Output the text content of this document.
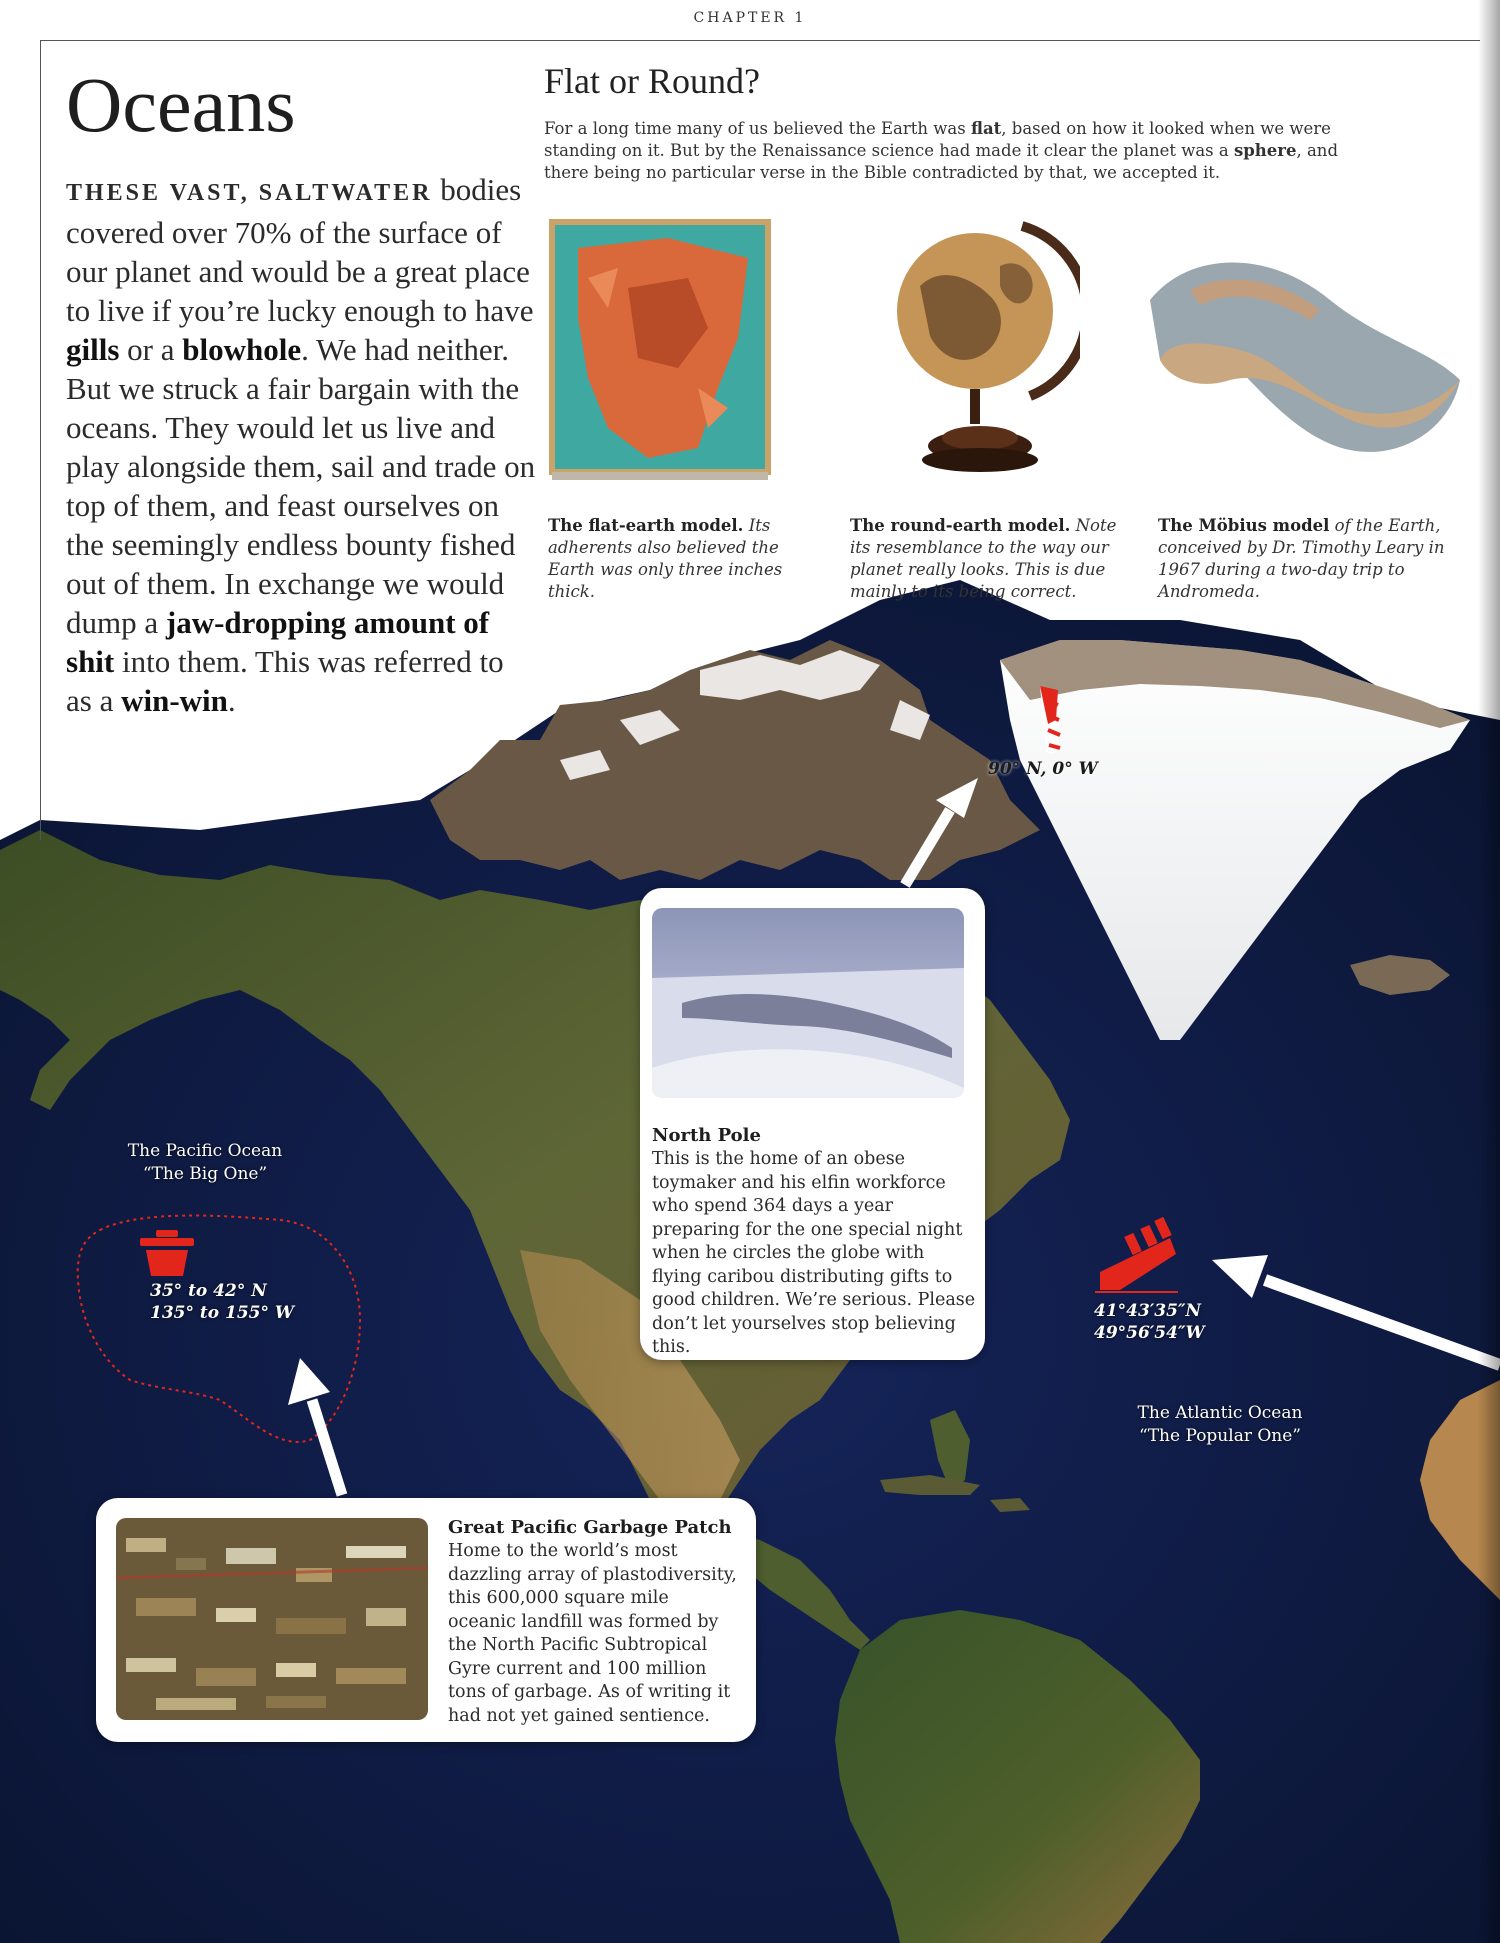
CHAPTER 1
Oceans
THESE VAST, SALTWATER bodies covered over 70% of the surface of our planet and would be a great place to live if you’re lucky enough to have gills or a blowhole. We had neither. But we struck a fair bargain with the oceans. They would let us live and play alongside them, sail and trade on top of them, and feast ourselves on the seemingly endless bounty fished out of them. In exchange we would dump a jaw-dropping amount of shit into them. This was referred to as a win-win.
Flat or Round?
For a long time many of us believed the Earth was flat, based on how it looked when we were standing on it. But by the Renaissance science had made it clear the planet was a sphere, and there being no particular verse in the Bible contradicted by that, we accepted it.
The flat-earth model. Its adherents also believed the Earth was only three inches thick.
The round-earth model. Note its resemblance to the way our planet really looks. This is due mainly to its being correct.
The Möbius model of the Earth, conceived by Dr. Timothy Leary in 1967 during a two-day trip to Andromeda.
90° N, 0° W
The Pacific Ocean
“The Big One”
35° to 42° N
135° to 155° W	41°43′35″N
49°56′54″W
The Atlantic Ocean
“The Popular One”
North Pole
This is the home of an obese toymaker and his elfin workforce who spend 364 days a year preparing for the one special night when he circles the globe with flying caribou distributing gifts to good children. We’re serious. Please don’t let yourselves stop believing this.
Great Pacific Garbage Patch
Home to the world’s most dazzling array of plastodiversity, this 600,000 square mile oceanic landfill was formed by the North Pacific Subtropical Gyre current and 100 million tons of garbage. As of writing it had not yet gained sentience.
